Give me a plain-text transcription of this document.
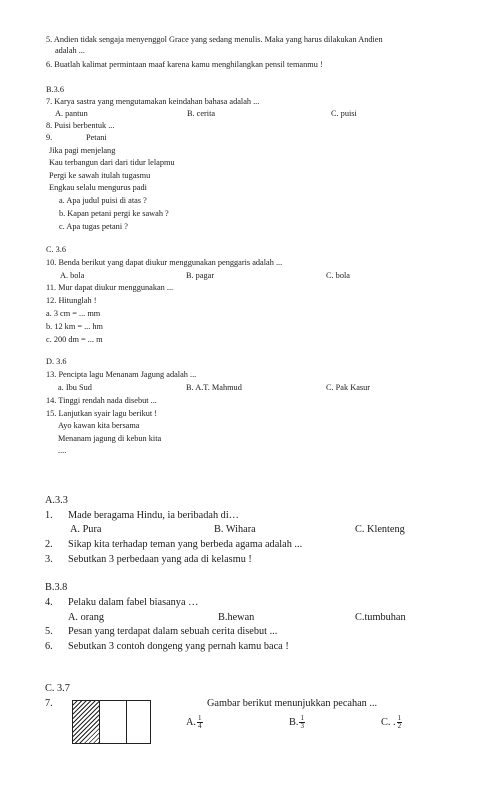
5. Andien tidak sengaja menyenggol Grace yang sedang menulis. Maka yang harus dilakukan Andien
adalah ...
6. Buatlah kalimat permintaan maaf karena kamu menghilangkan pensil temanmu !
B.3.6
7. Karya sastra yang mengutamakan keindahan bahasa adalah ...
A. pantun	B. cerita	C. puisi
8. Puisi berbentuk ...
9.	Petani
Jika pagi menjelang
Kau terbangun dari dari tidur lelapmu
Pergi ke sawah itulah tugasmu
Engkau selalu mengurus padi
a. Apa judul puisi di atas ?
b. Kapan petani pergi ke sawah ?
c. Apa tugas petani ?
C. 3.6
10. Benda berikut yang dapat diukur menggunakan penggaris adalah ...
A. bola	B. pagar	C. bola
11. Mur dapat diukur menggunakan ...
12. Hitunglah !
a. 3 cm = ... mm
b. 12 km = ... hm
c. 200 dm = ... m
D. 3.6
13. Pencipta lagu Menanam Jagung adalah ...
a. Ibu Sud	B. A.T. Mahmud	C. Pak Kasur
14. Tinggi rendah nada disebut ...
15. Lanjutkan syair lagu berikut !
Ayo kawan kita bersama
Menanam jagung di kebun kita
....
A.3.3
1. Made beragama Hindu, ia beribadah di…
A. Pura	B. Wihara	C. Klenteng
2. Sikap kita terhadap teman yang berbeda agama adalah ...
3. Sebutkan 3 perbedaan yang ada di kelasmu !
B.3.8
4. Pelaku dalam fabel biasanya …
A. orang	B.hewan	C.tumbuhan
5. Pesan yang terdapat dalam sebuah cerita disebut ...
6. Sebutkan 3 contoh dongeng yang pernah kamu baca !
C. 3.7
7.	Gambar berikut menunjukkan pecahan ...
A. $\frac{1}{4}$	B. $\frac{1}{3}$	C. . $\frac{1}{2}$
